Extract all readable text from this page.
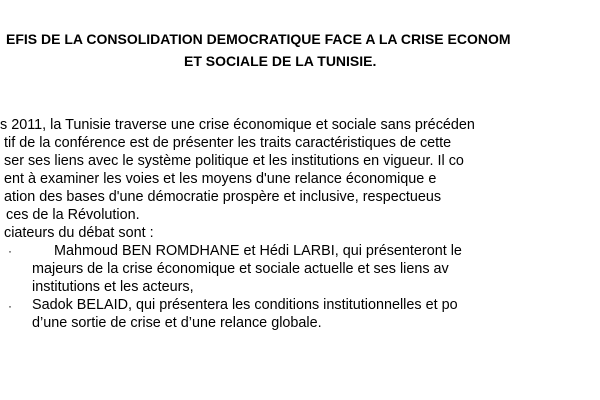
EFIS DE LA CONSOLIDATION DEMOCRATIQUE FACE A LA CRISE ECONOM
ET SOCIALE DE LA TUNISIE.
s 2011, la Tunisie traverse une crise économique et sociale sans précéden
tif de la conférence est de présenter les traits caractéristiques de cette
ser ses liens avec le système politique et les institutions en vigueur. Il co
ent à examiner les voies et les moyens d'une relance économique e
ation des bases d'une démocratie prospère et inclusive, respectueus
ces de la Révolution.
ciateurs du débat sont :
·	Mahmoud BEN ROMDHANE et Hédi LARBI, qui présenteront le
majeurs de la crise économique et sociale actuelle et ses liens av
institutions et les acteurs,
· Sadok BELAID, qui présentera les conditions institutionnelles et po
d’une sortie de crise et d’une relance globale.
